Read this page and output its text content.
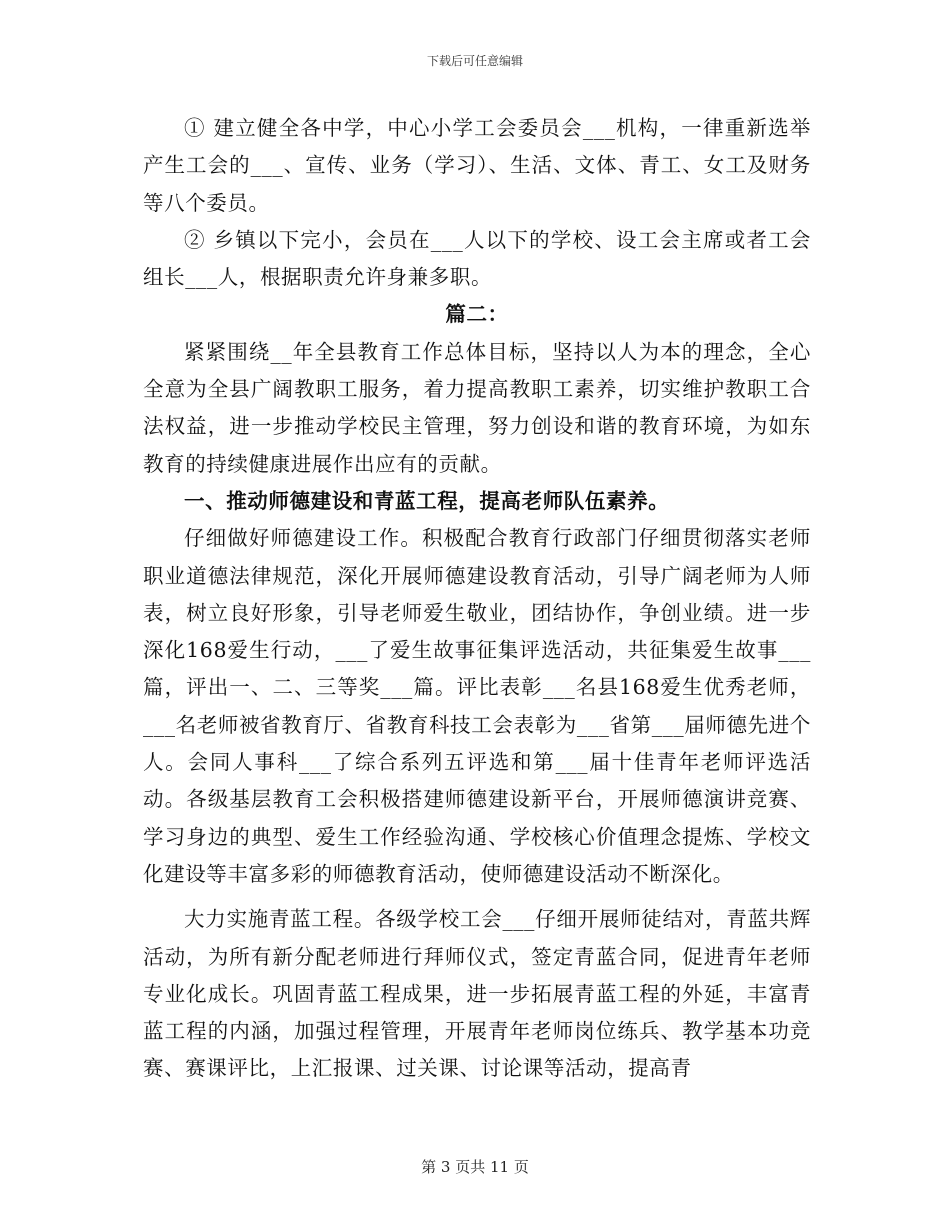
下载后可任意编辑

① 建立健全各中学，中心小学工会委员会___机构，一律重新选举产生工会的___、宣传、业务（学习）、生活、文体、青工、女工及财务等八个委员。

② 乡镇以下完小，会员在___人以下的学校、设工会主席或者工会组长___人，根据职责允许身兼多职。

篇二：

紧紧围绕__年全县教育工作总体目标，坚持以人为本的理念，全心全意为全县广阔教职工服务，着力提高教职工素养，切实维护教职工合法权益，进一步推动学校民主管理，努力创设和谐的教育环境，为如东教育的持续健康进展作出应有的贡献。

一、推动师德建设和青蓝工程，提高老师队伍素养。

仔细做好师德建设工作。积极配合教育行政部门仔细贯彻落实老师职业道德法律规范，深化开展师德建设教育活动，引导广阔老师为人师表，树立良好形象，引导老师爱生敬业，团结协作，争创业绩。进一步深化168爱生行动，___了爱生故事征集评选活动，共征集爱生故事___篇，评出一、二、三等奖___篇。评比表彰___名县168爱生优秀老师，___名老师被省教育厅、省教育科技工会表彰为___省第___届师德先进个人。会同人事科___了综合系列五评选和第___届十佳青年老师评选活动。各级基层教育工会积极搭建师德建设新平台，开展师德演讲竞赛、学习身边的典型、爱生工作经验沟通、学校核心价值理念提炼、学校文化建设等丰富多彩的师德教育活动，使师德建设活动不断深化。

大力实施青蓝工程。各级学校工会___仔细开展师徒结对，青蓝共辉活动，为所有新分配老师进行拜师仪式，签定青蓝合同，促进青年老师专业化成长。巩固青蓝工程成果，进一步拓展青蓝工程的外延，丰富青蓝工程的内涵，加强过程管理，开展青年老师岗位练兵、教学基本功竞赛、赛课评比，上汇报课、过关课、讨论课等活动，提高青

第 3 页共 11 页
